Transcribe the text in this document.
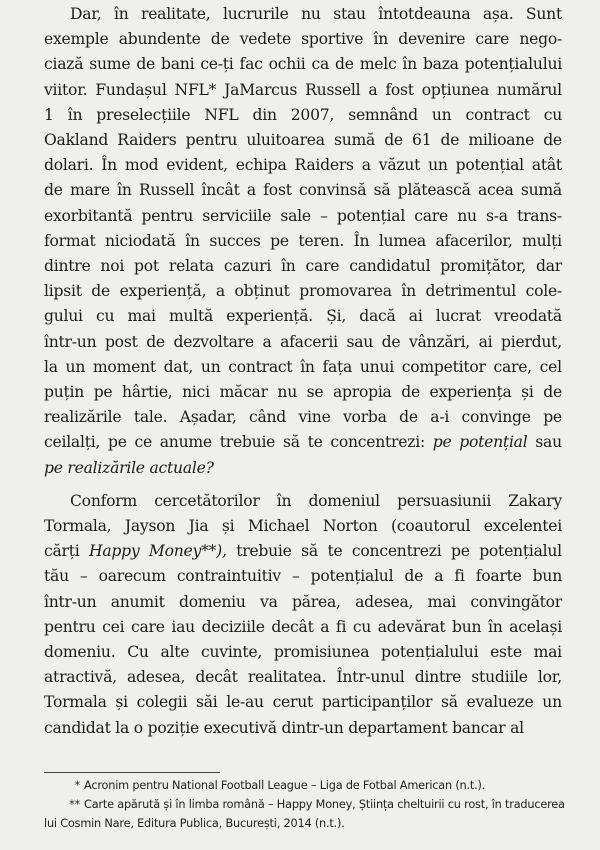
Dar, în realitate, lucrurile nu stau întotdeauna așa. Sunt
exemple abundente de vedete sportive în devenire care nego-
ciază sume de bani ce-ți fac ochii ca de melc în baza potențialului
viitor. Fundașul NFL* JaMarcus Russell a fost opțiunea numărul
1 în preselecțiile NFL din 2007, semnând un contract cu
Oakland Raiders pentru uluitoarea sumă de 61 de milioane de
dolari. În mod evident, echipa Raiders a văzut un potențial atât
de mare în Russell încât a fost convinsă să plătească acea sumă
exorbitantă pentru serviciile sale – potențial care nu s-a trans-
format niciodată în succes pe teren. În lumea afacerilor, mulți
dintre noi pot relata cazuri în care candidatul promițător, dar
lipsit de experiență, a obținut promovarea în detrimentul cole-
gului cu mai multă experiență. Și, dacă ai lucrat vreodată
într-un post de dezvoltare a afacerii sau de vânzări, ai pierdut,
la un moment dat, un contract în fața unui competitor care, cel
puțin pe hârtie, nici măcar nu se apropia de experiența și de
realizările tale. Așadar, când vine vorba de a-i convinge pe
ceilalți, pe ce anume trebuie să te concentrezi: pe potențial sau
pe realizările actuale?
Conform cercetătorilor în domeniul persuasiunii Zakary
Tormala, Jayson Jia și Michael Norton (coautorul excelentei
cărți Happy Money**), trebuie să te concentrezi pe potențialul
tău – oarecum contraintuitiv – potențialul de a fi foarte bun
într-un anumit domeniu va părea, adesea, mai convingător
pentru cei care iau deciziile decât a fi cu adevărat bun în același
domeniu. Cu alte cuvinte, promisiunea potențialului este mai
atractivă, adesea, decât realitatea. Într-unul dintre studiile lor,
Tormala și colegii săi le-au cerut participanților să evalueze un
candidat la o poziție executivă dintr-un departament bancar al
* Acronim pentru National Football League – Liga de Fotbal American (n.t.).
** Carte apărută și în limba română – Happy Money, Știința cheltuirii cu rost, în traducerea
lui Cosmin Nare, Editura Publica, București, 2014 (n.t.).
